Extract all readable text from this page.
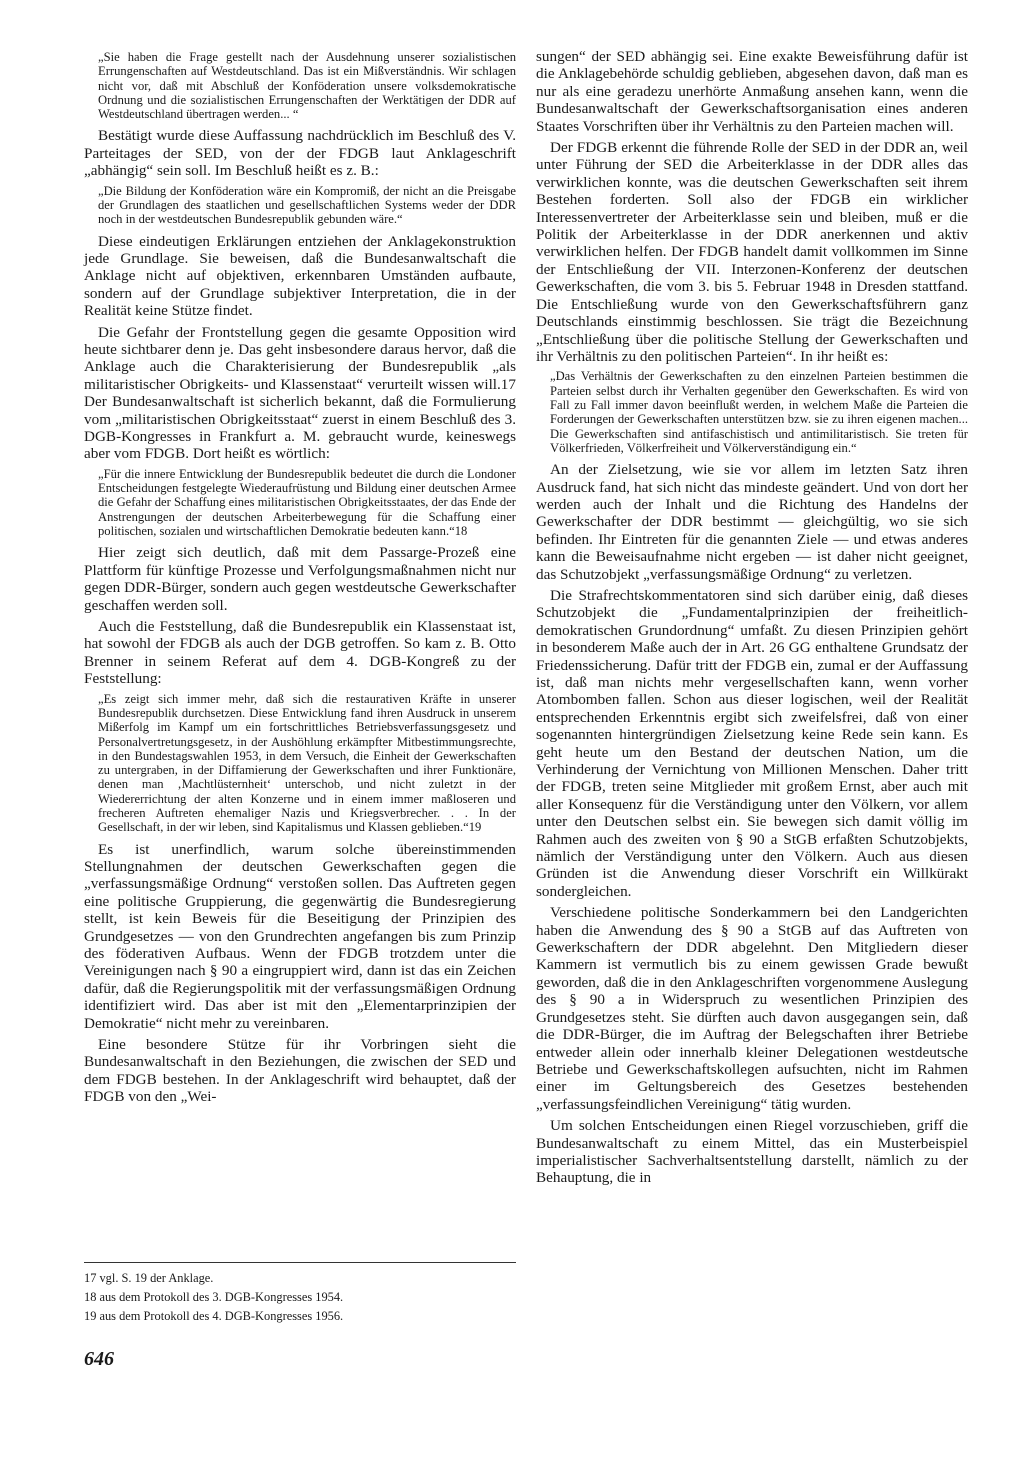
„Sie haben die Frage gestellt nach der Ausdehnung unserer sozialistischen Errungenschaften auf Westdeutschland. Das ist ein Mißverständnis. Wir schlagen nicht vor, daß mit Abschluß der Konföderation unsere volksdemokratische Ordnung und die sozialistischen Errungenschaften der Werktätigen der DDR auf Westdeutschland übertragen werden... “

Bestätigt wurde diese Auffassung nachdrücklich im Beschluß des V. Parteitages der SED, von der der FDGB laut Anklageschrift „abhängig“ sein soll. Im Beschluß heißt es z. B.:

„Die Bildung der Konföderation wäre ein Kompromiß, der nicht an die Preisgabe der Grundlagen des staatlichen und gesellschaftlichen Systems weder der DDR noch in der westdeutschen Bundesrepublik gebunden wäre.“

Diese eindeutigen Erklärungen entziehen der Anklagekonstruktion jede Grundlage. Sie beweisen, daß die Bundesanwaltschaft die Anklage nicht auf objektiven, erkennbaren Umständen aufbaute, sondern auf der Grundlage subjektiver Interpretation, die in der Realität keine Stütze findet.

Die Gefahr der Frontstellung gegen die gesamte Opposition wird heute sichtbarer denn je. Das geht insbesondere daraus hervor, daß die Anklage auch die Charakterisierung der Bundesrepublik „als militaristischer Obrigkeits- und Klassenstaat“ verurteilt wissen will.17 Der Bundesanwaltschaft ist sicherlich bekannt, daß die Formulierung vom „militaristischen Obrigkeitsstaat“ zuerst in einem Beschluß des 3. DGB-Kongresses in Frankfurt a. M. gebraucht wurde, keineswegs aber vom FDGB. Dort heißt es wörtlich:

„Für die innere Entwicklung der Bundesrepublik bedeutet die durch die Londoner Entscheidungen festgelegte Wiederaufrüstung und Bildung einer deutschen Armee die Gefahr der Schaffung eines militaristischen Obrigkeitsstaates, der das Ende der Anstrengungen der deutschen Arbeiterbewegung für die Schaffung einer politischen, sozialen und wirtschaftlichen Demokratie bedeuten kann.“18

Hier zeigt sich deutlich, daß mit dem Passarge-Prozeß eine Plattform für künftige Prozesse und Verfolgungsmaßnahmen nicht nur gegen DDR-Bürger, sondern auch gegen westdeutsche Gewerkschafter geschaffen werden soll.

Auch die Feststellung, daß die Bundesrepublik ein Klassenstaat ist, hat sowohl der FDGB als auch der DGB getroffen. So kam z. B. Otto Brenner in seinem Referat auf dem 4. DGB-Kongreß zu der Feststellung:

„Es zeigt sich immer mehr, daß sich die restaurativen Kräfte in unserer Bundesrepublik durchsetzen. Diese Entwicklung fand ihren Ausdruck in unserem Mißerfolg im Kampf um ein fortschrittliches Betriebsverfassungsgesetz und Personalvertretungsgesetz, in der Aushöhlung erkämpfter Mitbestimmungsrechte, in den Bundestagswahlen 1953, in dem Versuch, die Einheit der Gewerkschaften zu untergraben, in der Diffamierung der Gewerkschaften und ihrer Funktionäre, denen man ‚Machtlüsternheit‘ unterschob, und nicht zuletzt in der Wiedererrichtung der alten Konzerne und in einem immer maßloseren und frecheren Auftreten ehemaliger Nazis und Kriegsverbrecher. . . In der Gesellschaft, in der wir leben, sind Kapitalismus und Klassen geblieben.“19

Es ist unerfindlich, warum solche übereinstimmenden Stellungnahmen der deutschen Gewerkschaften gegen die „verfassungsmäßige Ordnung“ verstoßen sollen. Das Auftreten gegen eine politische Gruppierung, die gegenwärtig die Bundesregierung stellt, ist kein Beweis für die Beseitigung der Prinzipien des Grundgesetzes — von den Grundrechten angefangen bis zum Prinzip des föderativen Aufbaus. Wenn der FDGB trotzdem unter die Vereinigungen nach § 90 a eingruppiert wird, dann ist das ein Zeichen dafür, daß die Regierungspolitik mit der verfassungsmäßigen Ordnung identifiziert wird. Das aber ist mit den „Elementarprinzipien der Demokratie“ nicht mehr zu vereinbaren.

Eine besondere Stütze für ihr Vorbringen sieht die Bundesanwaltschaft in den Beziehungen, die zwischen der SED und dem FDGB bestehen. In der Anklageschrift wird behauptet, daß der FDGB von den „Wei-

sungen“ der SED abhängig sei. Eine exakte Beweisführung dafür ist die Anklagebehörde schuldig geblieben, abgesehen davon, daß man es nur als eine geradezu unerhörte Anmaßung ansehen kann, wenn die Bundesanwaltschaft der Gewerkschaftsorganisation eines anderen Staates Vorschriften über ihr Verhältnis zu den Parteien machen will.

Der FDGB erkennt die führende Rolle der SED in der DDR an, weil unter Führung der SED die Arbeiterklasse in der DDR alles das verwirklichen konnte, was die deutschen Gewerkschaften seit ihrem Bestehen forderten. Soll also der FDGB ein wirklicher Interessenvertreter der Arbeiterklasse sein und bleiben, muß er die Politik der Arbeiterklasse in der DDR anerkennen und aktiv verwirklichen helfen. Der FDGB handelt damit vollkommen im Sinne der Entschließung der VII. Interzonen-Konferenz der deutschen Gewerkschaften, die vom 3. bis 5. Februar 1948 in Dresden stattfand. Die Entschließung wurde von den Gewerkschaftsführern ganz Deutschlands einstimmig beschlossen. Sie trägt die Bezeichnung „Entschließung über die politische Stellung der Gewerkschaften und ihr Verhältnis zu den politischen Parteien“. In ihr heißt es:

„Das Verhältnis der Gewerkschaften zu den einzelnen Parteien bestimmen die Parteien selbst durch ihr Verhalten gegenüber den Gewerkschaften. Es wird von Fall zu Fall immer davon beeinflußt werden, in welchem Maße die Parteien die Forderungen der Gewerkschaften unterstützen bzw. sie zu ihren eigenen machen... Die Gewerkschaften sind antifaschistisch und antimilitaristisch. Sie treten für Völkerfrieden, Völkerfreiheit und Völkerverständigung ein.“

An der Zielsetzung, wie sie vor allem im letzten Satz ihren Ausdruck fand, hat sich nicht das mindeste geändert. Und von dort her werden auch der Inhalt und die Richtung des Handelns der Gewerkschafter der DDR bestimmt — gleichgültig, wo sie sich befinden. Ihr Eintreten für die genannten Ziele — und etwas anderes kann die Beweisaufnahme nicht ergeben — ist daher nicht geeignet, das Schutzobjekt „verfassungsmäßige Ordnung“ zu verletzen.

Die Strafrechtskommentatoren sind sich darüber einig, daß dieses Schutzobjekt die „Fundamentalprinzipien der freiheitlich-demokratischen Grundordnung“ umfaßt. Zu diesen Prinzipien gehört in besonderem Maße auch der in Art. 26 GG enthaltene Grundsatz der Friedenssicherung. Dafür tritt der FDGB ein, zumal er der Auffassung ist, daß man nichts mehr vergesellschaften kann, wenn vorher Atombomben fallen. Schon aus dieser logischen, weil der Realität entsprechenden Erkenntnis ergibt sich zweifelsfrei, daß von einer sogenannten hintergründigen Zielsetzung keine Rede sein kann. Es geht heute um den Bestand der deutschen Nation, um die Verhinderung der Vernichtung von Millionen Menschen. Daher tritt der FDGB, treten seine Mitglieder mit großem Ernst, aber auch mit aller Konsequenz für die Verständigung unter den Völkern, vor allem unter den Deutschen selbst ein. Sie bewegen sich damit völlig im Rahmen auch des zweiten von § 90 a StGB erfaßten Schutzobjekts, nämlich der Verständigung unter den Völkern. Auch aus diesen Gründen ist die Anwendung dieser Vorschrift ein Willkürakt sondergleichen.

Verschiedene politische Sonderkammern bei den Landgerichten haben die Anwendung des § 90 a StGB auf das Auftreten von Gewerkschaftern der DDR abgelehnt. Den Mitgliedern dieser Kammern ist vermutlich bis zu einem gewissen Grade bewußt geworden, daß die in den Anklageschriften vorgenommene Auslegung des § 90 a in Widerspruch zu wesentlichen Prinzipien des Grundgesetzes steht. Sie dürften auch davon ausgegangen sein, daß die DDR-Bürger, die im Auftrag der Belegschaften ihrer Betriebe entweder allein oder innerhalb kleiner Delegationen westdeutsche Betriebe und Gewerkschaftskollegen aufsuchten, nicht im Rahmen einer im Geltungsbereich des Gesetzes bestehenden „verfassungsfeindlichen Vereinigung“ tätig wurden.

Um solchen Entscheidungen einen Riegel vorzuschieben, griff die Bundesanwaltschaft zu einem Mittel, das ein Musterbeispiel imperialistischer Sachverhaltsentstellung darstellt, nämlich zu der Behauptung, die in

17 vgl. S. 19 der Anklage.

18 aus dem Protokoll des 3. DGB-Kongresses 1954.

19 aus dem Protokoll des 4. DGB-Kongresses 1956.

646
